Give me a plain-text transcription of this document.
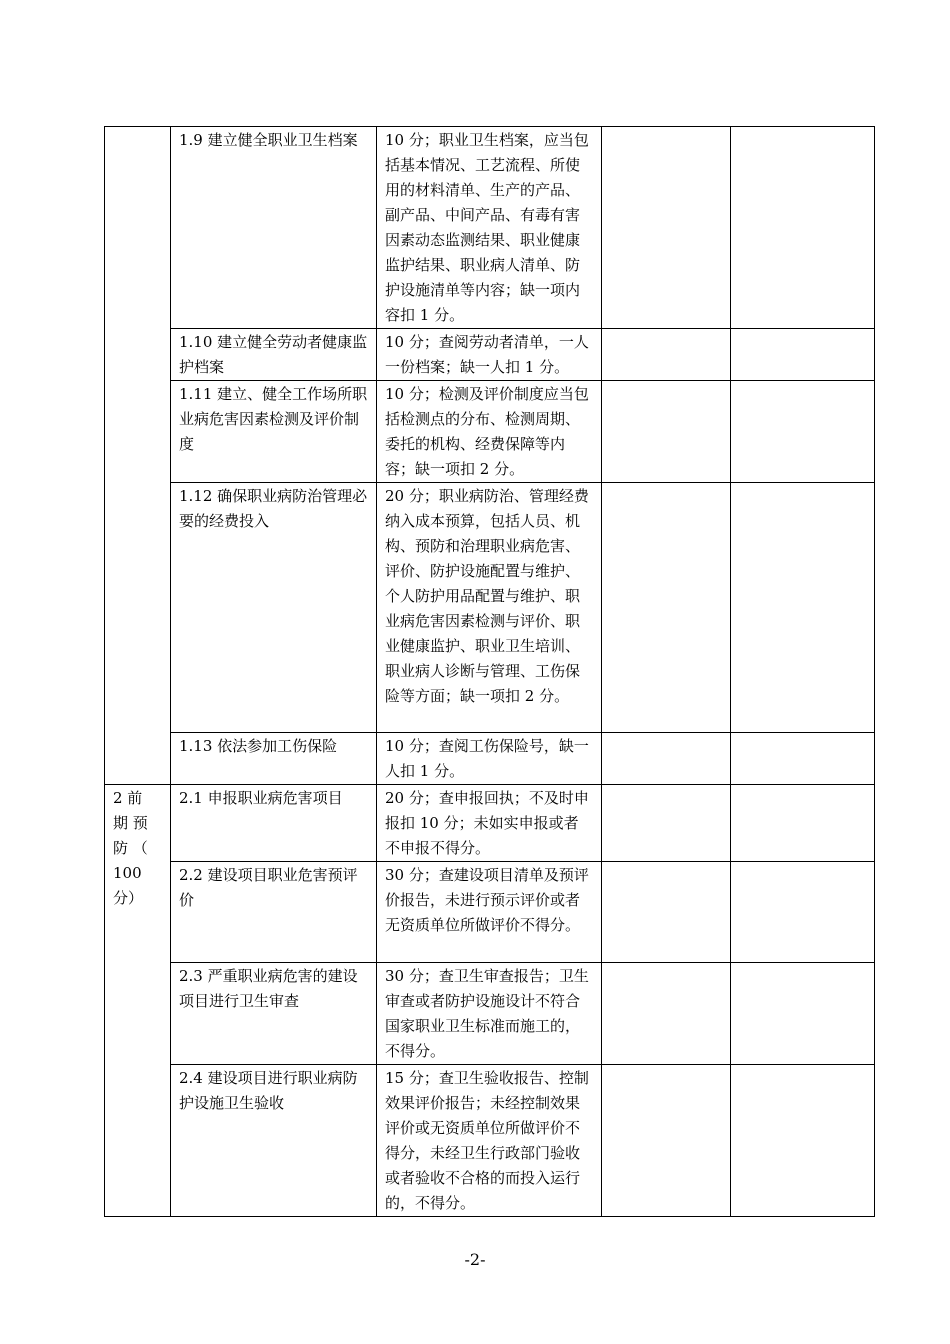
	1.9 建立健全职业卫生档案	10 分；职业卫生档案，应当包括基本情况、工艺流程、所使用的材料清单、生产的产品、副产品、中间产品、有毒有害因素动态监测结果、职业健康监护结果、职业病人清单、防护设施清单等内容；缺一项内容扣 1 分。		
	1.10 建立健全劳动者健康监护档案	10 分；查阅劳动者清单，一人一份档案；缺一人扣 1 分。		
	1.11 建立、健全工作场所职业病危害因素检测及评价制度	10 分；检测及评价制度应当包括检测点的分布、检测周期、委托的机构、经费保障等内容；缺一项扣 2 分。		
	1.12 确保职业病防治管理必要的经费投入	20 分；职业病防治、管理经费纳入成本预算，包括人员、机构、预防和治理职业病危害、评价、防护设施配置与维护、个人防护用品配置与维护、职业病危害因素检测与评价、职业健康监护、职业卫生培训、职业病人诊断与管理、工伤保险等方面；缺一项扣 2 分。		
	1.13 依法参加工伤保险	10 分；查阅工伤保险号，缺一人扣 1 分。		
2 前 期 预 防 （ 100 分）	2.1 申报职业病危害项目	20 分；查申报回执；不及时申报扣 10 分；未如实申报或者不申报不得分。		
	2.2 建设项目职业危害预评价	30 分；查建设项目清单及预评价报告，未进行预示评价或者无资质单位所做评价不得分。		
	2.3 严重职业病危害的建设项目进行卫生审查	30 分；查卫生审查报告；卫生审查或者防护设施设计不符合国家职业卫生标准而施工的，不得分。		
	2.4 建设项目进行职业病防护设施卫生验收	15 分；查卫生验收报告、控制效果评价报告；未经控制效果评价或无资质单位所做评价不得分，未经卫生行政部门验收或者验收不合格的而投入运行的，不得分。		
-2-
